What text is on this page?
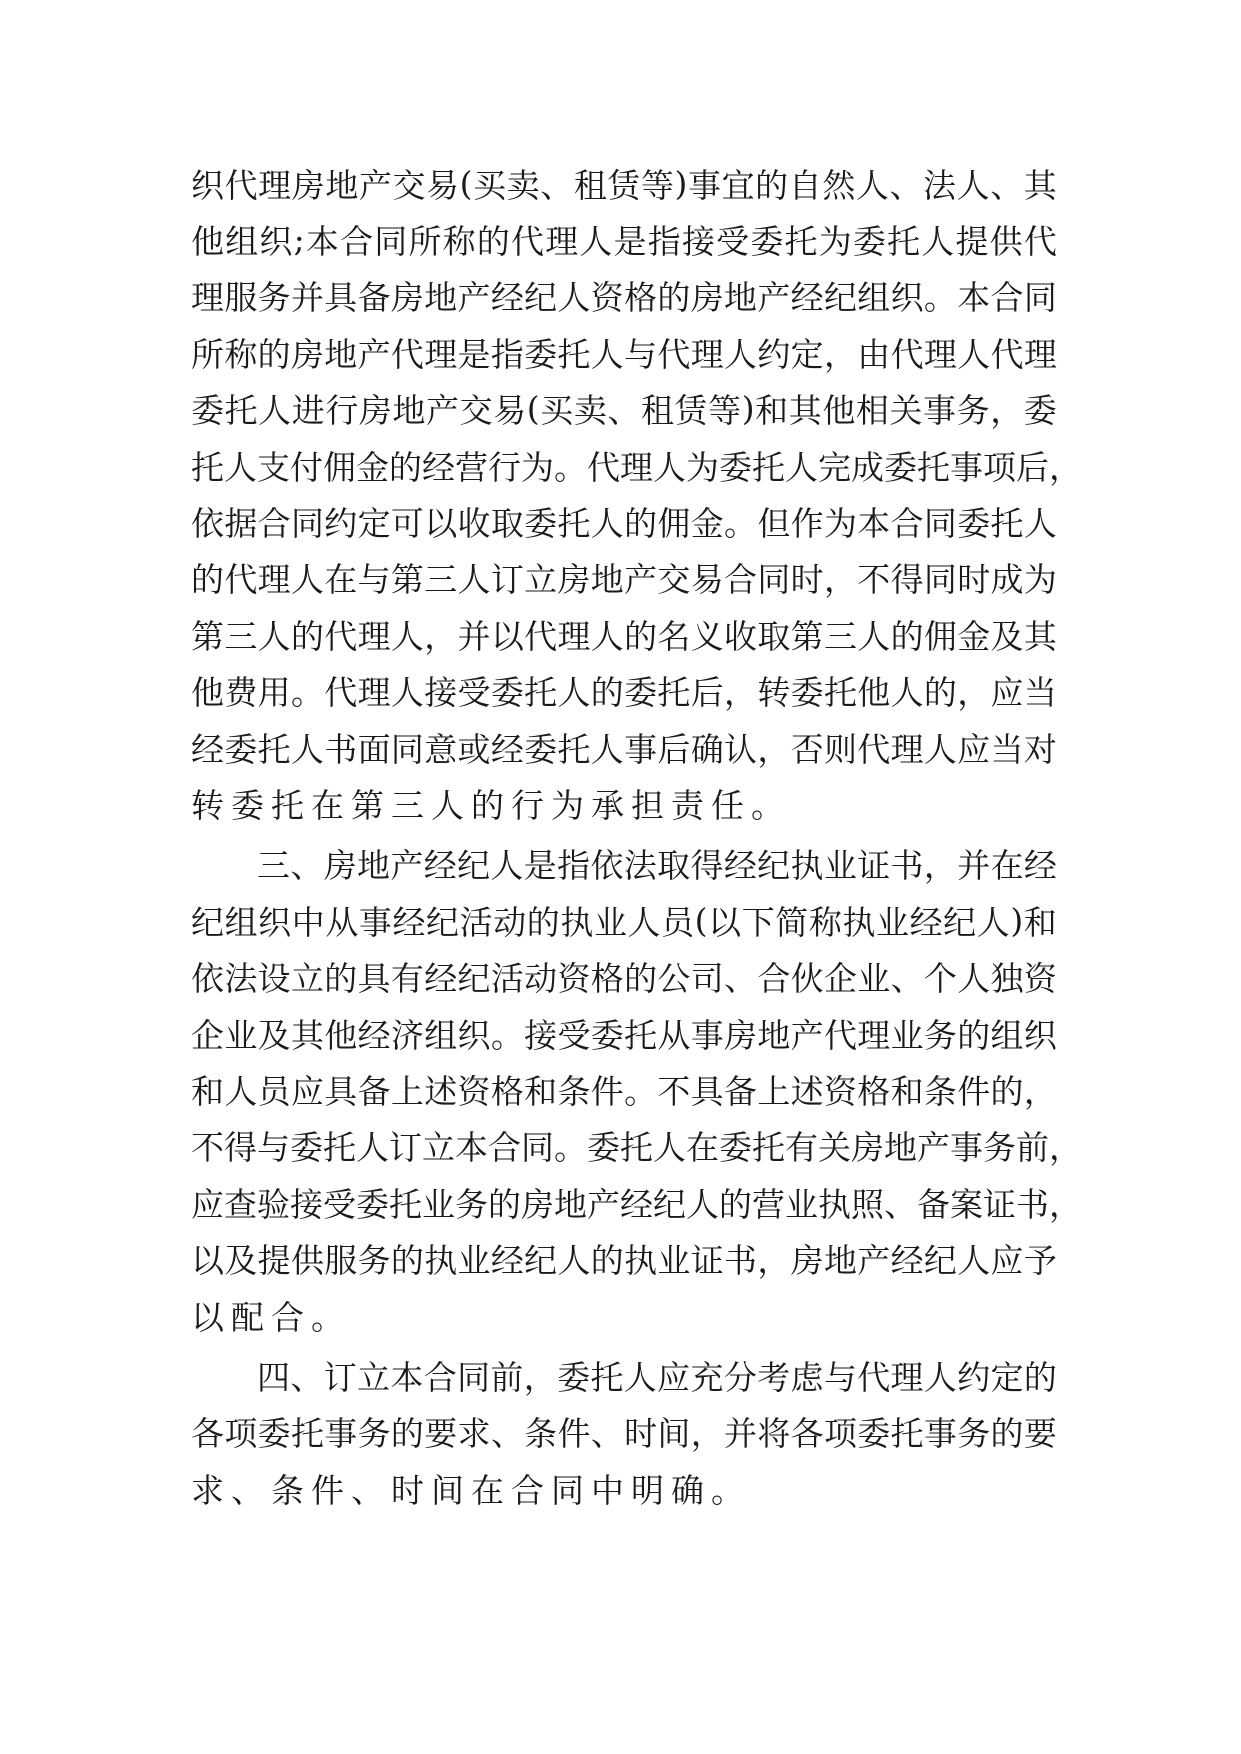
织 代 理 房 地 产 交 易 ( 买 卖 、 租 赁 等 ) 事 宜 的 自 然 人 、 法 人 、 其
他 组 织 ; 本 合 同 所 称 的 代 理 人 是 指 接 受 委 托 为 委 托 人 提 供 代
理 服 务 并 具 备 房 地 产 经 纪 人 资 格 的 房 地 产 经 纪 组 织 。 本 合 同
所 称 的 房 地 产 代 理 是 指 委 托 人 与 代 理 人 约 定 ， 由 代 理 人 代 理
委 托 人 进 行 房 地 产 交 易 ( 买 卖 、 租 赁 等 ) 和 其 他 相 关 事 务 ， 委
托 人 支 付 佣 金 的 经 营 行 为 。 代 理 人 为 委 托 人 完 成 委 托 事 项 后 ，
依 据 合 同 约 定 可 以 收 取 委 托 人 的 佣 金 。 但 作 为 本 合 同 委 托 人
的 代 理 人 在 与 第 三 人 订 立 房 地 产 交 易 合 同 时 ， 不 得 同 时 成 为
第 三 人 的 代 理 人 ， 并 以 代 理 人 的 名 义 收 取 第 三 人 的 佣 金 及 其
他 费 用 。 代 理 人 接 受 委 托 人 的 委 托 后 ， 转 委 托 他 人 的 ， 应 当
经 委 托 人 书 面 同 意 或 经 委 托 人 事 后 确 认 ， 否 则 代 理 人 应 当 对
转委托在第三人的行为承担责任。
三 、 房 地 产 经 纪 人 是 指 依 法 取 得 经 纪 执 业 证 书 ， 并 在 经
纪 组 织 中 从 事 经 纪 活 动 的 执 业 人 员 ( 以 下 简 称 执 业 经 纪 人 ) 和
依 法 设 立 的 具 有 经 纪 活 动 资 格 的 公 司 、 合 伙 企 业 、 个 人 独 资
企 业 及 其 他 经 济 组 织 。 接 受 委 托 从 事 房 地 产 代 理 业 务 的 组 织
和 人 员 应 具 备 上 述 资 格 和 条 件 。 不 具 备 上 述 资 格 和 条 件 的 ，
不 得 与 委 托 人 订 立 本 合 同 。 委 托 人 在 委 托 有 关 房 地 产 事 务 前 ，
应 查 验 接 受 委 托 业 务 的 房 地 产 经 纪 人 的 营 业 执 照 、 备 案 证 书 ，
以 及 提 供 服 务 的 执 业 经 纪 人 的 执 业 证 书 ， 房 地 产 经 纪 人 应 予
以配合。
四 、 订 立 本 合 同 前 ， 委 托 人 应 充 分 考 虑 与 代 理 人 约 定 的
各 项 委 托 事 务 的 要 求 、 条 件 、 时 间 ， 并 将 各 项 委 托 事 务 的 要
求、条件、时间在合同中明确。
